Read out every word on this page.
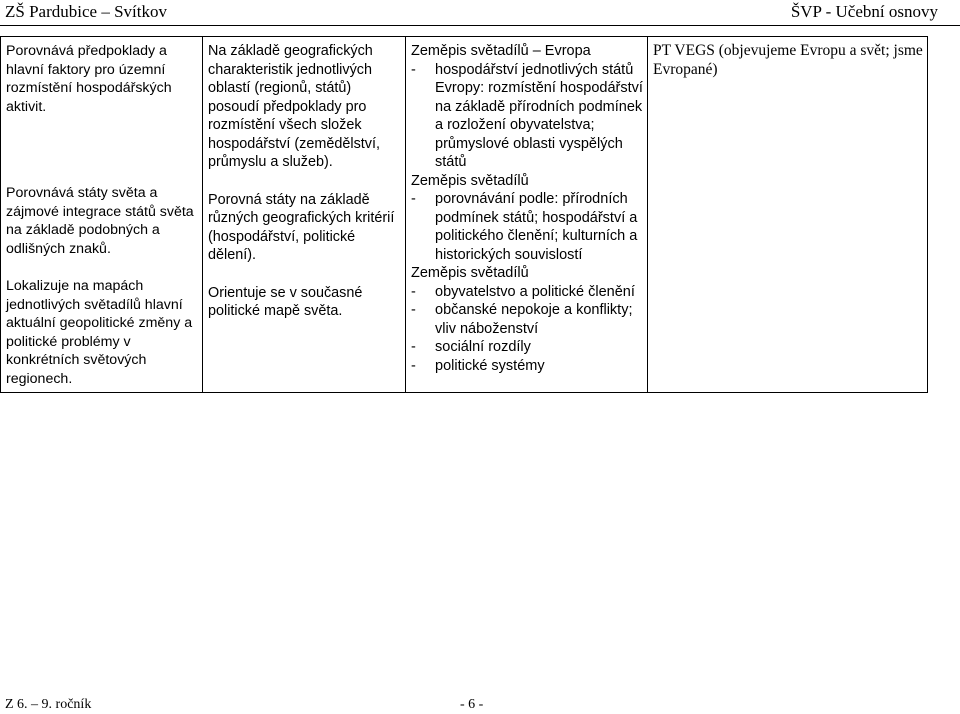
ZŠ Pardubice – Svítkov	ŠVP - Učební osnovy
Porovnává předpoklady a hlavní faktory pro územní rozmístění hospodářských aktivit.
Porovnává státy světa a zájmové integrace států světa na základě podobných a odlišných znaků.
Lokalizuje na mapách jednotlivých světadílů hlavní aktuální geopolitické změny a politické problémy v konkrétních světových regionech.

Na základě geografických charakteristik jednotlivých oblastí (regionů, států) posoudí předpoklady pro rozmístění všech složek hospodářství (zemědělství, průmyslu a služeb).
Porovná státy na základě různých geografických kritérií (hospodářství, politické dělení).
Orientuje se v současné politické mapě světa.

Zeměpis světadílů – Evropa
-	hospodářství jednotlivých států Evropy: rozmístění hospodářství na základě přírodních podmínek a rozložení obyvatelstva; průmyslové oblasti vyspělých států
Zeměpis světadílů
-	porovnávání podle: přírodních podmínek států; hospodářství a politického členění; kulturních a historických souvislostí
Zeměpis světadílů
-	obyvatelstvo a politické členění
-	občanské nepokoje a konflikty; vliv náboženství
-	sociální rozdíly
-	politické systémy

PT VEGS (objevujeme Evropu a svět; jsme Evropané)
Z 6. – 9. ročník	- 6 -
